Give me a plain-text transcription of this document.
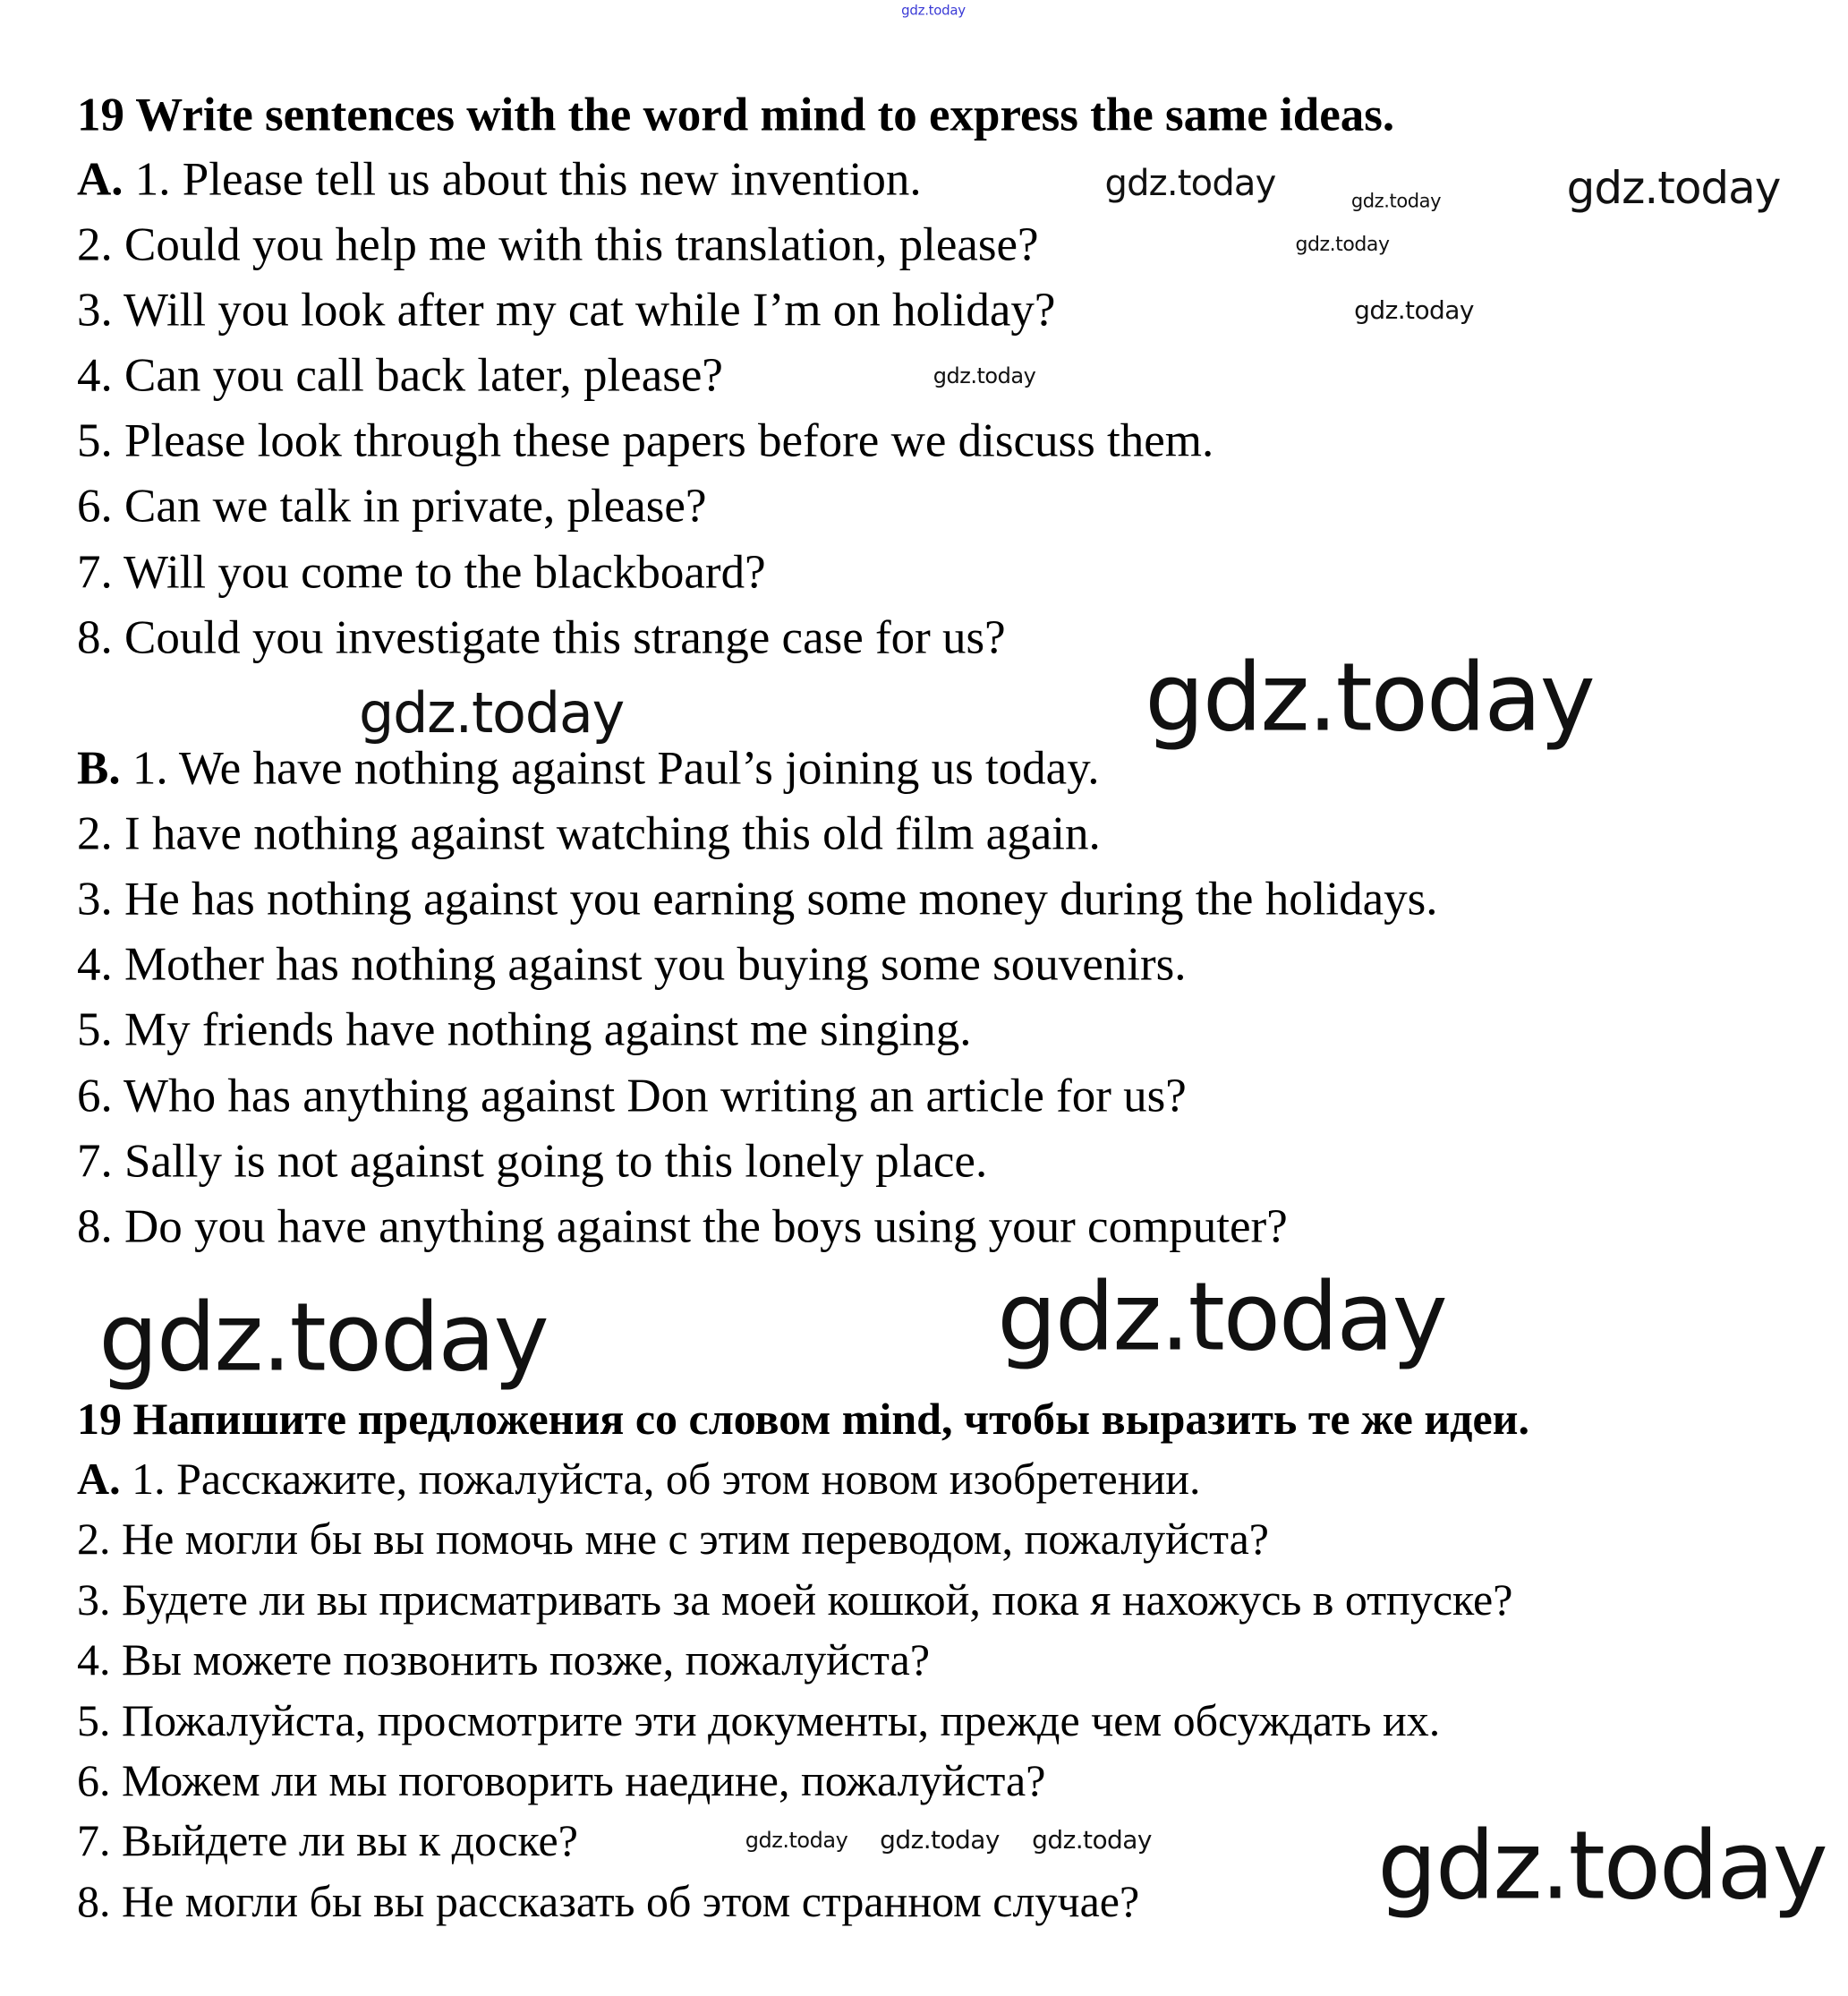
19 Write sentences with the word mind to express the same ideas.
A. 1. Please tell us about this new invention.
2. Could you help me with this translation, please?
3. Will you look after my cat while I’m on holiday?
4. Can you call back later, please?
5. Please look through these papers before we discuss them.
6. Can we talk in private, please?
7. Will you come to the blackboard?
8. Could you investigate this strange case for us?
B. 1. We have nothing against Paul’s joining us today.
2. I have nothing against watching this old film again.
3. He has nothing against you earning some money during the holidays.
4. Mother has nothing against you buying some souvenirs.
5. My friends have nothing against me singing.
6. Who has anything against Don writing an article for us?
7. Sally is not against going to this lonely place.
8. Do you have anything against the boys using your computer?
19 Напишите предложения со словом mind, чтобы выразить те же идеи.
A. 1. Расскажите, пожалуйста, об этом новом изобретении.
2. Не могли бы вы помочь мне с этим переводом, пожалуйста?
3. Будете ли вы присматривать за моей кошкой, пока я нахожусь в отпуске?
4. Вы можете позвонить позже, пожалуйста?
5. Пожалуйста, просмотрите эти документы, прежде чем обсуждать их.
6. Можем ли мы поговорить наедине, пожалуйста?
7. Выйдете ли вы к доске?
8. Не могли бы вы рассказать об этом странном случае?
gdz.today
gdz.today
gdz.today	gdz.today
gdz.today
gdz.today
gdz.today
gdz.today
gdz.today
gdz.today
gdz.today
gdz.today
gdz.today gdz.today gdz.today
